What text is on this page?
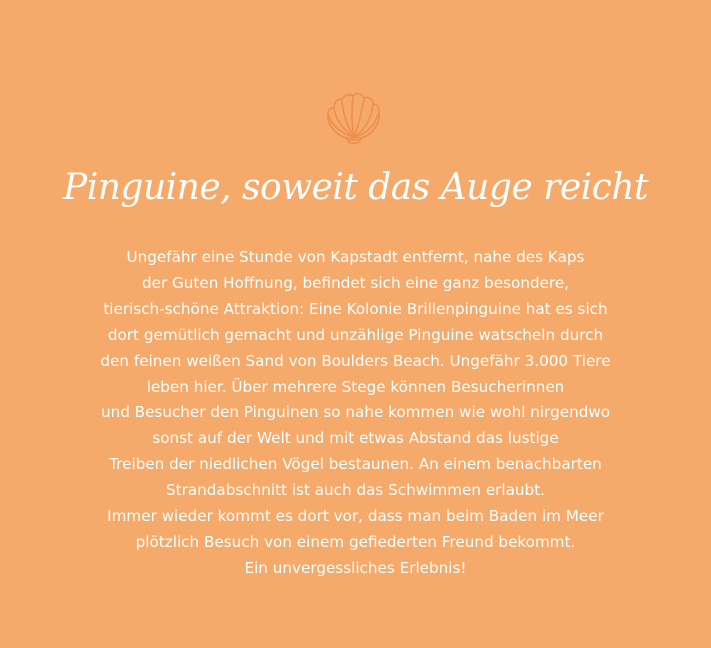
Pinguine, soweit das Auge reicht
Ungefähr eine Stunde von Kapstadt entfernt, nahe des Kaps
der Guten Hoffnung, befindet sich eine ganz besondere,
tierisch-schöne Attraktion: Eine Kolonie Brillenpinguine hat es sich
dort gemütlich gemacht und unzählige Pinguine watscheln durch
den feinen weißen Sand von Boulders Beach. Ungefähr 3.000 Tiere
leben hier. Über mehrere Stege können Besucherinnen
und Besucher den Pinguinen so nahe kommen wie wohl nirgendwo
sonst auf der Welt und mit etwas Abstand das lustige
Treiben der niedlichen Vögel bestaunen. An einem benachbarten
Strandabschnitt ist auch das Schwimmen erlaubt.
Immer wieder kommt es dort vor, dass man beim Baden im Meer
plötzlich Besuch von einem gefiederten Freund bekommt.
Ein unvergessliches Erlebnis!
